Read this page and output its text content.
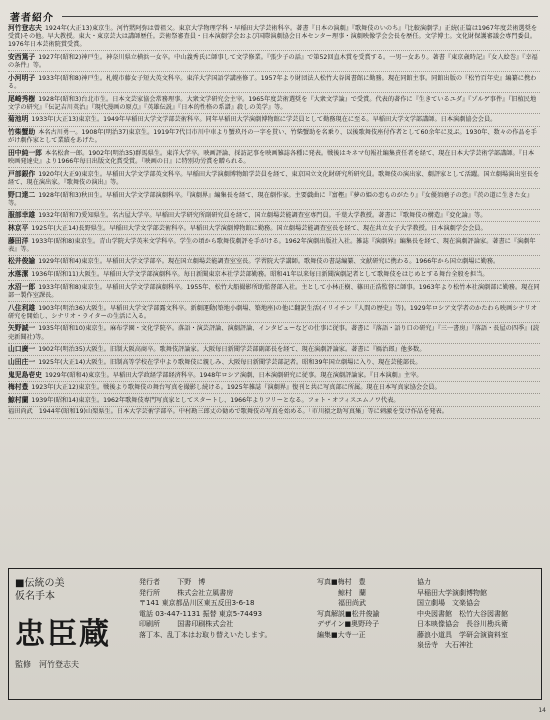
著者紹介
河竹登志夫 1924年(大正13)東京生。河竹黙阿弥は曾祖父。東京大学物理学科・早稲田大学芸術科卒。著書『日本の演劇』『歌舞伎のいのち』『比較演劇学』正続(正篇は1967年度芸術選奨を受賞)その他。早大教授。東大・東京芸大は講師歴任。芸術祭審査員・日本演劇学会および国際演劇協会日本センター理事・演劇映像学会会長を歴任。文学博士。文化財保護審議会専門委員。1976年日本芸術院賞受賞。
安西篤子 1927年(昭和2)神戸生。神奈川県立横浜一女卒。中山義秀氏に師事して文学修業。『張少子の話』で第52回直木賞を受賞する。一男一女あり。著書『東京歳時記』『女人絵巻』『幸福の条件』等。
小河明子 1933年(昭和8)神戸生。札幌市藤女子短大英文科卒。東洋大学国語学講座修了。1957年より財団法人松竹大谷図書館に勤務。現在同館主事。同館出版の『松竹百年史』編纂に携わる。
尾崎秀樹 1928年(昭和3)台北市生。日本文芸家協会常務理事。大衆文学研究会主宰。1965年度芸術選奨を『大衆文学論』で受賞。代表的著作に『生きているユダ』『ゾルゲ事件』『旧植民地文学の研究』『伝記吉川英治』『現代漫画の原点』『英雄伝説』『日本的性格の系譜』殺しの美学』等。
菊池明 1933年(大正13)東京生。1949年早稲田大学文学部芸術科卒。同年早稲田大学演劇博物館に学芸員として勤務現在に至る。早稲田大学文学部講師。日本演劇協会会員。
竹柴蟹助 本名古川勇一。1908年(明治37)東京生。1919年7代目市川中車より蟹玖丹の一字を貰い、竹柴蟹助を名乗り、以後歌舞伎座付作者として60余年に及ぶ。1930年、数々の作品を手がけ劇作家として業績をあげた。
田中純一郎 本名松倉一郎。1902年(明治35)群馬県生。東洋大学卒。映画評論、採訪記事を映画雑誌各種に発表。戦後はキネマ旬報社編集責任者を経て、現在日本大学芸術学部講師。『日本映画発達史』より1966年毎日出版文化賞受賞。『映画の日』に特別功労賞を贈られる。
戸部銀作 1920年(大正9)東京生。早稲田大学文学部英文科卒。早稲田大学演劇博物館学芸員を経て、東京国立文化財研究所研究員。歌舞伎の演出家、劇評家として活躍。国立劇場演出室長を経て、現在演出家。『歌舞伎の演出』等。
野口達二 1928年(昭和3)秋田生。早稲田大学文学部演劇科卒。『演劇界』編集長を経て、現在劇作家。主要戯曲に『富樫』『夢の姫の恋ものがたり』『女優須磨子の恋』『茨の道に生きた女』等。
服部幸雄 1932年(昭和7)愛知県生。名古屋大学卒。早稲田大学研究所副研究員を経て、国立劇場芸能調査室専門員。千葉大学教授。著書に『歌舞伎の構造』『変化論』等。
林京平 1925年(大正14)長野県生。早稲田大学文学部芸術科卒。早稲田大学演劇博物館に勤務。国立劇場芸能調査室長を経て、現在共立女子大学教授。日本演劇学会会員。
藤田洋 1933年(昭和8)東京生。青山学院大学英米文学科卒。学生の頃から歌舞伎劇評を手がける。1962年演劇出版社入社。雑誌『演劇界』編集長を経て、現在演劇評論家。著書に『演劇年表』等。
松井俊諭 1929年(昭和4)東京生。早稲田大学文学部卒。現在国立劇場芸能調査室室長。学習院大学講師。歌舞伎の書誌編纂、文献研究に携わる。1966年から国立劇場に勤務。
水落潔 1936年(昭和11)大阪生。早稲田大学文学部演劇科卒。毎日新聞東京本社学芸部勤務。昭和41年以来毎日新聞演劇記者として歌舞伎をはじめとする舞台全般を担当。
水沼一郎 1933年(昭和8)東京生。早稲田大学文学部演劇科卒。1955年、松竹大船撮影所助監督部入社。主として小林正樹、篠田正浩監督に師事。1963年より松竹本社演劇部に勤務。現在同部一製作室課長。
八住利雄 1903年(明治36)大阪生。早稲田大学文学部露文科卒。新劇運動(築地小劇場、築地座)の他に翻訳生活(イリイチン『人間の歴史』等)。1929年ロシア文学者のかたわら映画シナリオ研究を開始し、シナリオ・ライターの生活に入る。
矢野誠一 1935年(昭和10)東京生。麻布学園・文化学院卒。落語・演芸評論、演劇評論、インタビューなどの仕事に従事。著書に『落語・語り口の研究』『三一書房』『落語・長屋の四季』(読売新聞社)等。
山口廣一 1902年(明治35)大阪生。旧制大阪高商卒。歌舞伎評論家。大阪毎日新聞学芸部副部長を経て、現在演劇評論家。著書に『鴈治郎』他多数。
山田庄一 1925年(大正14)大阪生。旧制高等学校在学中より歌舞伎に親しみ、大阪毎日新聞学芸部記者。昭和39年国立劇場に入り、現在芸能部長。
鬼児島壱史 1929年(昭和4)東京生。早稲田大学政経学部経済科卒。1948年ロシア演劇、日本演劇研究に従事。現在演劇評論家。『日本演劇』主宰。
梅村豊 1923年(大正12)東京生。戦後より歌舞伎の舞台写真を撮影し続ける。1925年雑誌『演劇界』復刊と共に写真部に所属。現在日本写真家協会会員。
鯨村蘭 1939年(昭和14)東京生。1962年歌舞伎専門写真家としてスタートし、1966年よりフリーとなる。フォト・オフィスエムノワ代表。
福田尚武　1944年(昭和19)山梨県生。日本大学芸術学部卒。中村勘三郎丈の勧めで歌舞伎の写真を始める。「市川猿之助写真集」等に刺激を受け作品を発表。
■伝統の美
仮名手本
忠臣蔵
監修　河竹登志夫
発行者 下野　博
発行所 株式会社立風書房
〒141 東京都品川区東五反田3-6-18
電話 03-447-1131 振替 東京5-74493
印刷所 国書印刷株式会社
落丁本、乱丁本はお取り替えいたします。
写真■梅村　豊
　　　鯨村　蘭
　　　福田尚武
写真解説■松井俊諭
デザイン■奥野玲子
編集■大寺一正
協力
早稲田大学演劇博物館
国立劇場　文楽協会
中央図書館　松竹大谷図書館
日本映像協会　長谷川勘兵衛
藤浪小道具　学研会演資料室
泉岳寺　大石神社
14
